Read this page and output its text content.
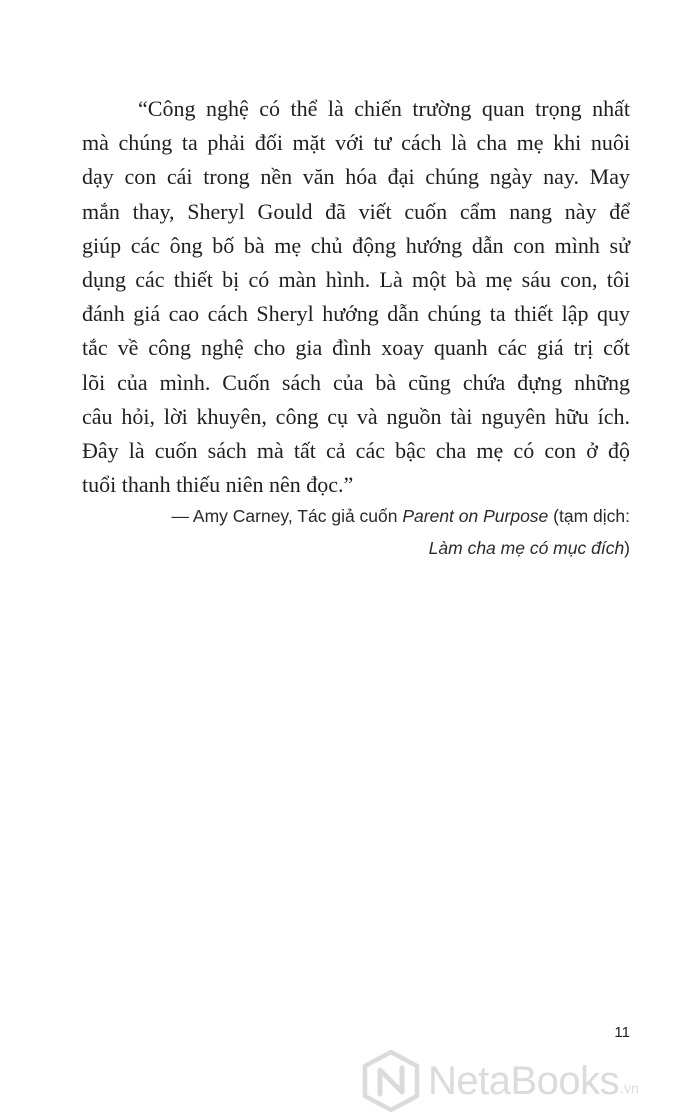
“Công nghệ có thể là chiến trường quan trọng nhất
mà chúng ta phải đối mặt với tư cách là cha mẹ khi nuôi
dạy con cái trong nền văn hóa đại chúng ngày nay. May
mắn thay, Sheryl Gould đã viết cuốn cẩm nang này để
giúp các ông bố bà mẹ chủ động hướng dẫn con mình sử
dụng các thiết bị có màn hình. Là một bà mẹ sáu con, tôi
đánh giá cao cách Sheryl hướng dẫn chúng ta thiết lập quy
tắc về công nghệ cho gia đình xoay quanh các giá trị cốt
lõi của mình. Cuốn sách của bà cũng chứa đựng những
câu hỏi, lời khuyên, công cụ và nguồn tài nguyên hữu ích.
Đây là cuốn sách mà tất cả các bậc cha mẹ có con ở độ
tuổi thanh thiếu niên nên đọc.”

— Amy Carney, Tác giả cuốn Parent on Purpose (tạm dịch:
Làm cha mẹ có mục đích)
11
NetaBooks .vn
